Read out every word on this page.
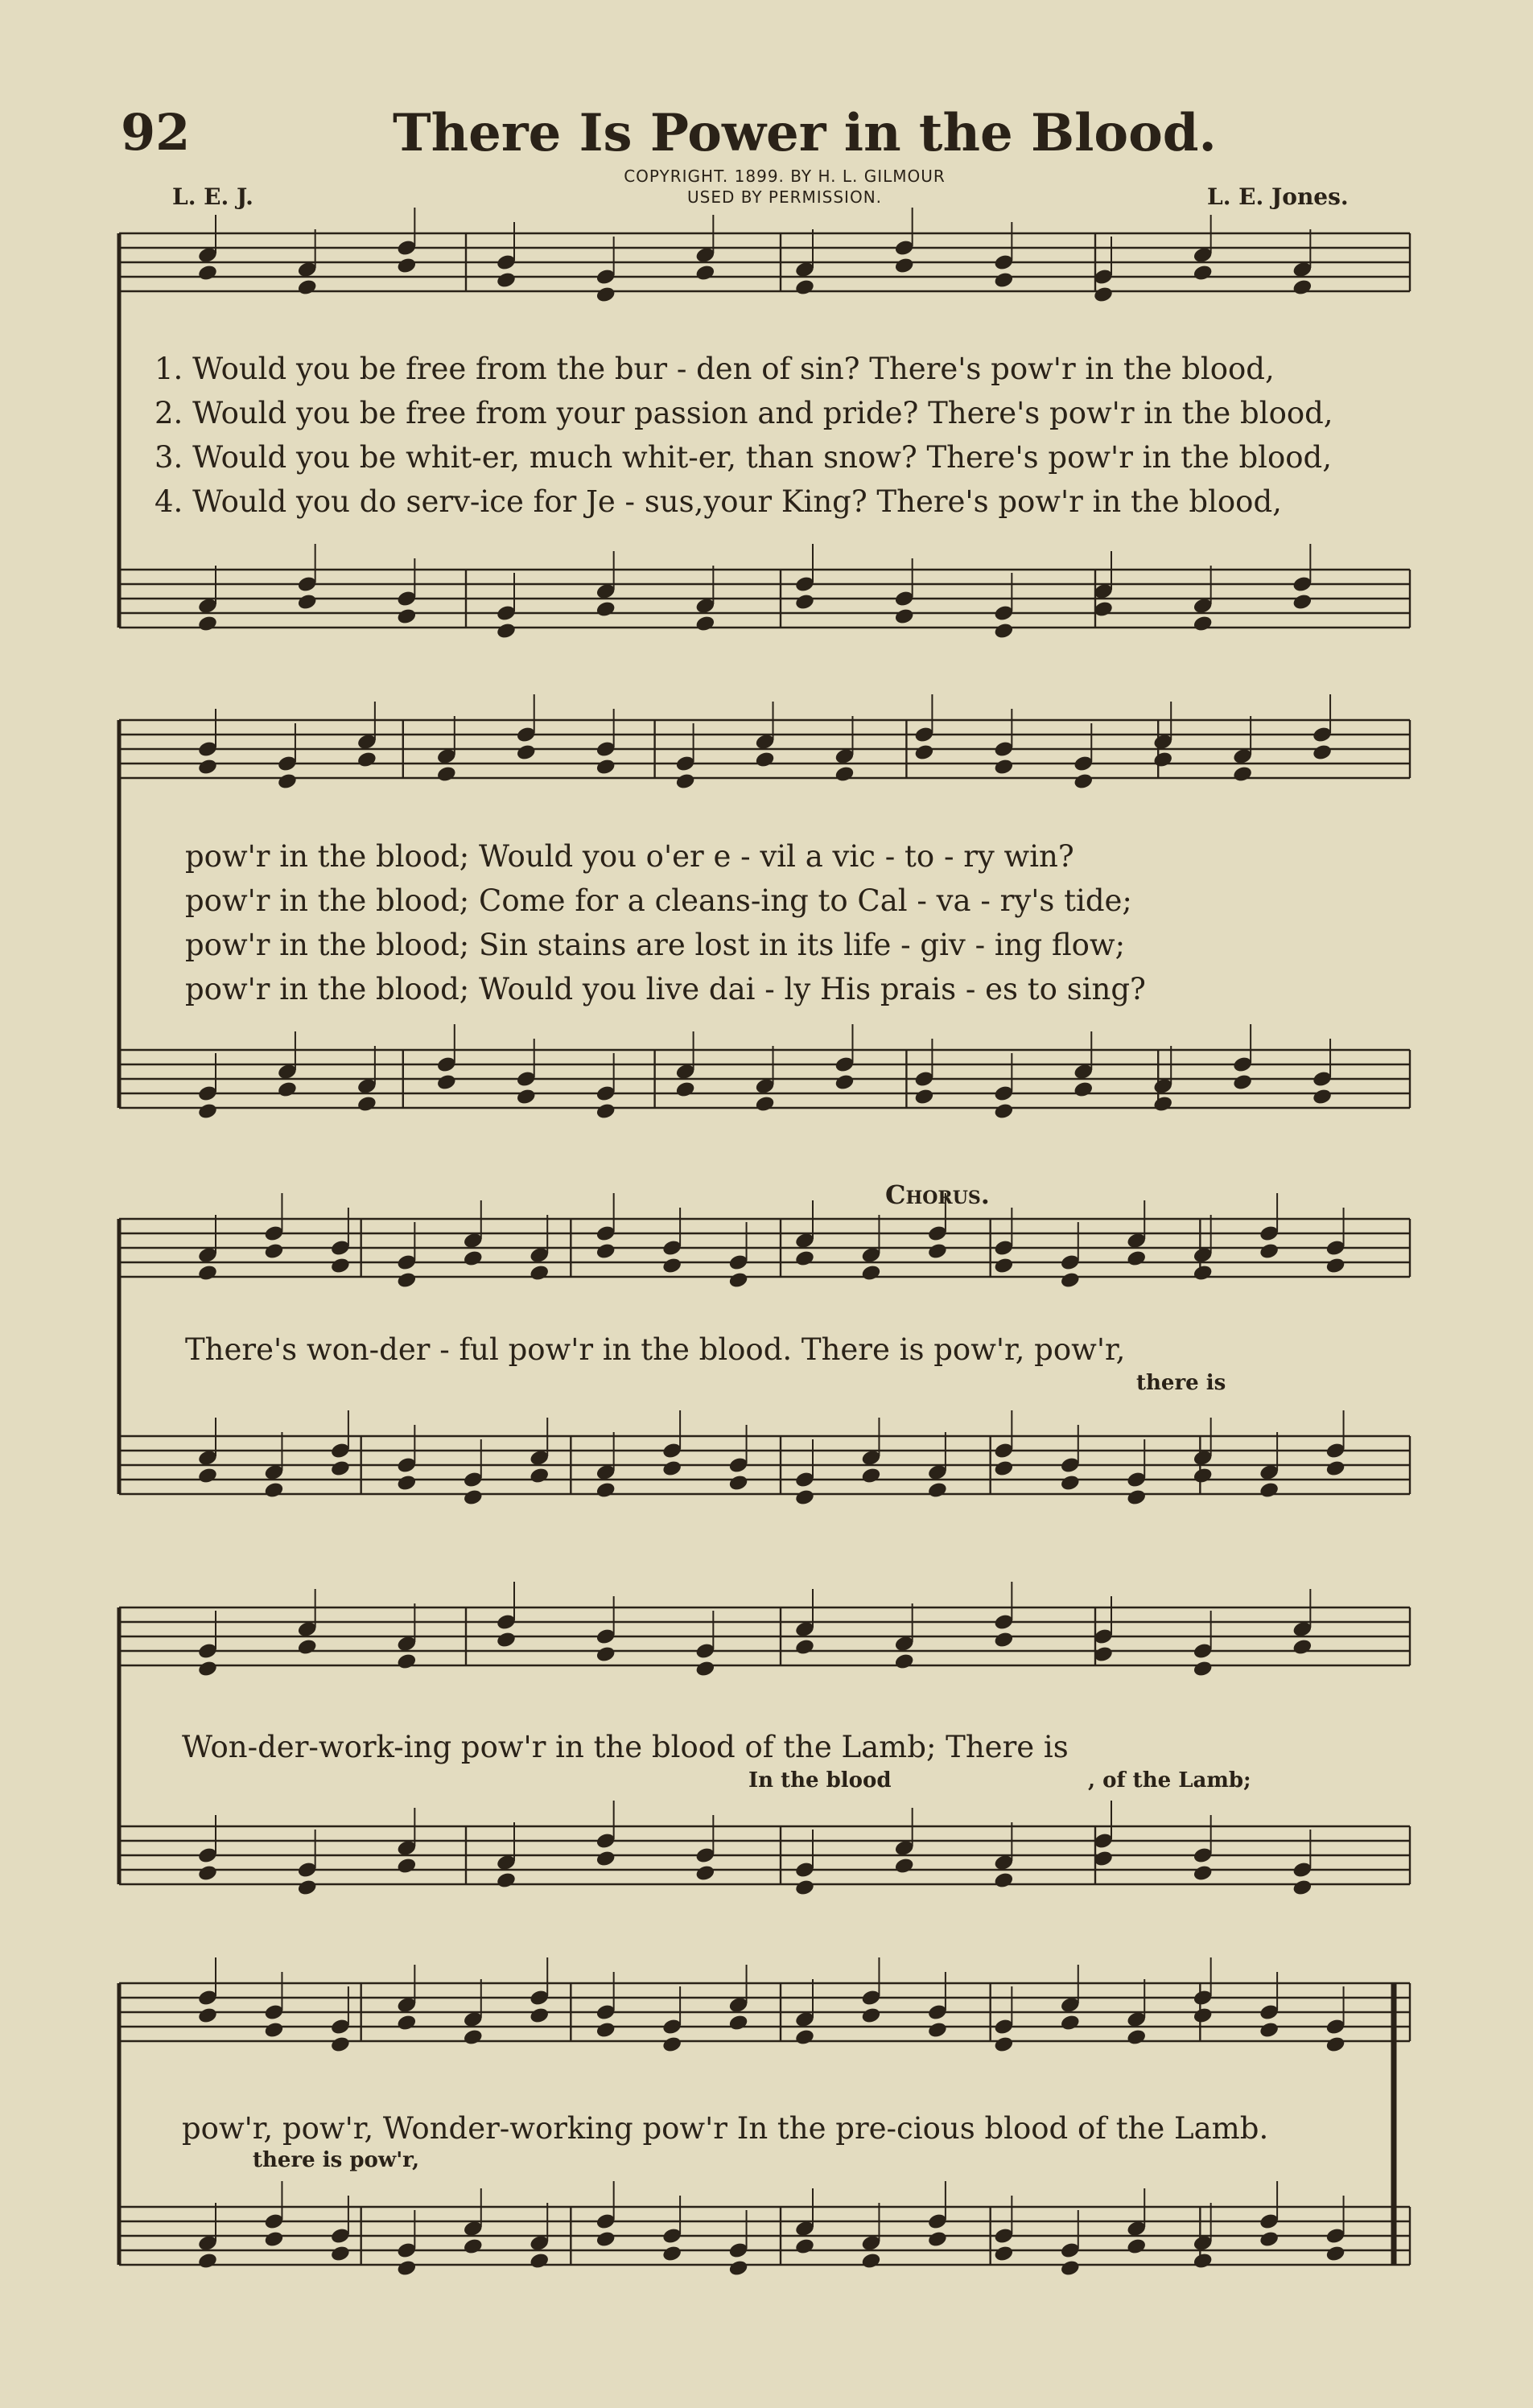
92	There Is Power in the Blood.
COPYRIGHT. 1899. BY H. L. GILMOUR
USED BY PERMISSION.
L. E. J.	L. E. Jones.
1. Would you be free from the bur - den of sin? There's pow'r in the blood,
2. Would you be free from your passion and pride? There's pow'r in the blood,
3. Would you be whit-er, much whit-er, than snow? There's pow'r in the blood,
4. Would you do serv-ice for Je - sus,your King? There's pow'r in the blood,
pow'r in the blood; Would you o'er e - vil a vic - to - ry win?
pow'r in the blood; Come for a cleans-ing to Cal - va - ry's tide;
pow'r in the blood; Sin stains are lost in its life - giv - ing flow;
pow'r in the blood; Would you live dai - ly His prais - es to sing?
Chorus.
There's won-der - ful pow'r in the blood. There is pow'r, pow'r,
there is
Won-der-work-ing pow'r in the blood of the Lamb; There is
In the blood	, of the Lamb;
pow'r, pow'r, Wonder-working pow'r In the pre-cious blood of the Lamb.
there is pow'r,
